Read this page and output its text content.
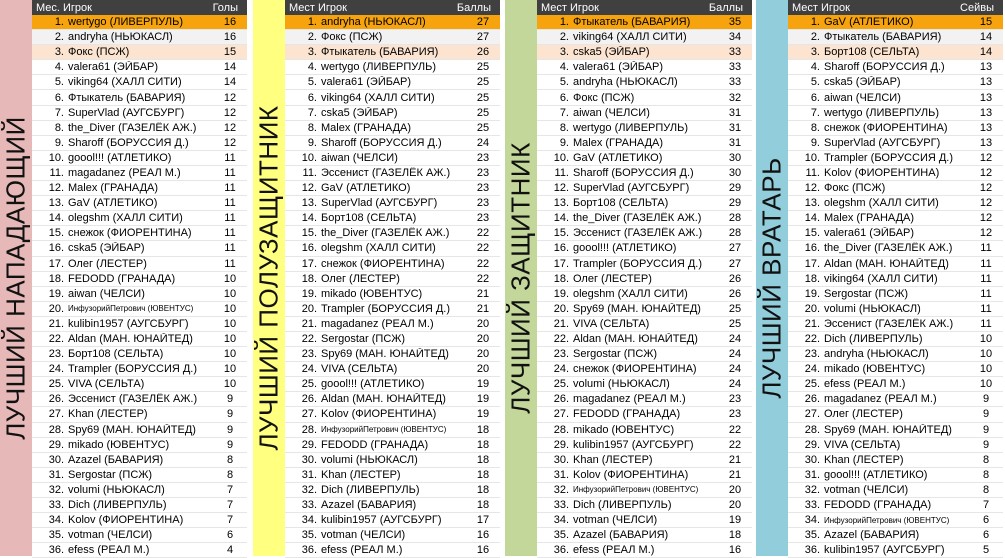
ЛУЧШИЙ НАПАДАЮЩИЙ
Мес. Игрок	Голы
1. wertygo (ЛИВЕРПУЛЬ)	16
2. andryha (НЬЮКАСЛ)	16
3. Фокс (ПСЖ)	15
4. valera61 (ЭЙБАР)	14
5. viking64 (ХАЛЛ СИТИ)	14
6. Фтыкатель (БАВАРИЯ)	12
7. SuperVlad (АУГСБУРГ)	12
8. the_Diver (ГАЗЕЛЁК АЖ.)	12
9. Sharoff (БОРУССИЯ Д.)	12
10. goool!!! (АТЛЕТИКО)	11
11. magadanez (РЕАЛ М.)	11
12. Malex (ГРАНАДА)	11
13. GaV (АТЛЕТИКО)	11
14. olegshm (ХАЛЛ СИТИ)	11
15. снежок (ФИОРЕНТИНА)	11
16. cska5 (ЭЙБАР)	11
17. Олег (ЛЕСТЕР)	11
18. FEDODD (ГРАНАДА)	10
19. aiwan (ЧЕЛСИ)	10
20. ИнфузорийПетрович (ЮВЕНТУС)	10
21. kulibin1957 (АУГСБУРГ)	10
22. Aldan (МАН. ЮНАЙТЕД)	10
23. Борт108 (СЕЛЬТА)	10
24. Trampler (БОРУССИЯ Д.)	10
25. VIVA (СЕЛЬТА)	10
26. Эссенист (ГАЗЕЛЁК АЖ.)	9
27. Khan (ЛЕСТЕР)	9
28. Spy69 (МАН. ЮНАЙТЕД)	9
29. mikado (ЮВЕНТУС)	9
30. Azazel (БАВАРИЯ)	8
31. Sergostar (ПСЖ)	8
32. volumi (НЬЮКАСЛ)	7
33. Dich (ЛИВЕРПУЛЬ)	7
34. Kolov (ФИОРЕНТИНА)	7
35. votman (ЧЕЛСИ)	6
36. efess (РЕАЛ М.)	4
ЛУЧШИЙ ПОЛУЗАЩИТНИК
Мест Игрок	Баллы
1. andryha (НЬЮКАСЛ)	27
2. Фокс (ПСЖ)	27
3. Фтыкатель (БАВАРИЯ)	26
4. wertygo (ЛИВЕРПУЛЬ)	25
5. valera61 (ЭЙБАР)	25
6. viking64 (ХАЛЛ СИТИ)	25
7. cska5 (ЭЙБАР)	25
8. Malex (ГРАНАДА)	25
9. Sharoff (БОРУССИЯ Д.)	24
10. aiwan (ЧЕЛСИ)	23
11. Эссенист (ГАЗЕЛЁК АЖ.)	23
12. GaV (АТЛЕТИКО)	23
13. SuperVlad (АУГСБУРГ)	23
14. Борт108 (СЕЛЬТА)	23
15. the_Diver (ГАЗЕЛЁК АЖ.)	22
16. olegshm (ХАЛЛ СИТИ)	22
17. снежок (ФИОРЕНТИНА)	22
18. Олег (ЛЕСТЕР)	22
19. mikado (ЮВЕНТУС)	21
20. Trampler (БОРУССИЯ Д.)	21
21. magadanez (РЕАЛ М.)	20
22. Sergostar (ПСЖ)	20
23. Spy69 (МАН. ЮНАЙТЕД)	20
24. VIVA (СЕЛЬТА)	20
25. goool!!! (АТЛЕТИКО)	19
26. Aldan (МАН. ЮНАЙТЕД)	19
27. Kolov (ФИОРЕНТИНА)	19
28. ИнфузорийПетрович (ЮВЕНТУС)	18
29. FEDODD (ГРАНАДА)	18
30. volumi (НЬЮКАСЛ)	18
31. Khan (ЛЕСТЕР)	18
32. Dich (ЛИВЕРПУЛЬ)	18
33. Azazel (БАВАРИЯ)	18
34. kulibin1957 (АУГСБУРГ)	17
35. votman (ЧЕЛСИ)	16
36. efess (РЕАЛ М.)	16
ЛУЧШИЙ ЗАЩИТНИК
Мест Игрок	Баллы
1. Фтыкатель (БАВАРИЯ)	35
2. viking64 (ХАЛЛ СИТИ)	34
3. cska5 (ЭЙБАР)	33
4. valera61 (ЭЙБАР)	33
5. andryha (НЬЮКАСЛ)	33
6. Фокс (ПСЖ)	32
7. aiwan (ЧЕЛСИ)	31
8. wertygo (ЛИВЕРПУЛЬ)	31
9. Malex (ГРАНАДА)	31
10. GaV (АТЛЕТИКО)	30
11. Sharoff (БОРУССИЯ Д.)	30
12. SuperVlad (АУГСБУРГ)	29
13. Борт108 (СЕЛЬТА)	29
14. the_Diver (ГАЗЕЛЁК АЖ.)	28
15. Эссенист (ГАЗЕЛЁК АЖ.)	28
16. goool!!! (АТЛЕТИКО)	27
17. Trampler (БОРУССИЯ Д.)	27
18. Олег (ЛЕСТЕР)	26
19. olegshm (ХАЛЛ СИТИ)	26
20. Spy69 (МАН. ЮНАЙТЕД)	25
21. VIVA (СЕЛЬТА)	25
22. Aldan (МАН. ЮНАЙТЕД)	24
23. Sergostar (ПСЖ)	24
24. снежок (ФИОРЕНТИНА)	24
25. volumi (НЬЮКАСЛ)	24
26. magadanez (РЕАЛ М.)	23
27. FEDODD (ГРАНАДА)	23
28. mikado (ЮВЕНТУС)	22
29. kulibin1957 (АУГСБУРГ)	22
30. Khan (ЛЕСТЕР)	21
31. Kolov (ФИОРЕНТИНА)	21
32. ИнфузорийПетрович (ЮВЕНТУС)	20
33. Dich (ЛИВЕРПУЛЬ)	20
34. votman (ЧЕЛСИ)	19
35. Azazel (БАВАРИЯ)	18
36. efess (РЕАЛ М.)	16
ЛУЧШИЙ ВРАТАРЬ
Мест Игрок	Сейвы
1. GaV (АТЛЕТИКО)	15
2. Фтыкатель (БАВАРИЯ)	14
3. Борт108 (СЕЛЬТА)	14
4. Sharoff (БОРУССИЯ Д.)	13
5. cska5 (ЭЙБАР)	13
6. aiwan (ЧЕЛСИ)	13
7. wertygo (ЛИВЕРПУЛЬ)	13
8. снежок (ФИОРЕНТИНА)	13
9. SuperVlad (АУГСБУРГ)	13
10. Trampler (БОРУССИЯ Д.)	12
11. Kolov (ФИОРЕНТИНА)	12
12. Фокс (ПСЖ)	12
13. olegshm (ХАЛЛ СИТИ)	12
14. Malex (ГРАНАДА)	12
15. valera61 (ЭЙБАР)	12
16. the_Diver (ГАЗЕЛЁК АЖ.)	11
17. Aldan (МАН. ЮНАЙТЕД)	11
18. viking64 (ХАЛЛ СИТИ)	11
19. Sergostar (ПСЖ)	11
20. volumi (НЬЮКАСЛ)	11
21. Эссенист (ГАЗЕЛЁК АЖ.)	11
22. Dich (ЛИВЕРПУЛЬ)	10
23. andryha (НЬЮКАСЛ)	10
24. mikado (ЮВЕНТУС)	10
25. efess (РЕАЛ М.)	10
26. magadanez (РЕАЛ М.)	9
27. Олег (ЛЕСТЕР)	9
28. Spy69 (МАН. ЮНАЙТЕД)	9
29. VIVA (СЕЛЬТА)	9
30. Khan (ЛЕСТЕР)	8
31. goool!!! (АТЛЕТИКО)	8
32. votman (ЧЕЛСИ)	8
33. FEDODD (ГРАНАДА)	7
34. ИнфузорийПетрович (ЮВЕНТУС)	6
35. Azazel (БАВАРИЯ)	6
36. kulibin1957 (АУГСБУРГ)	5
